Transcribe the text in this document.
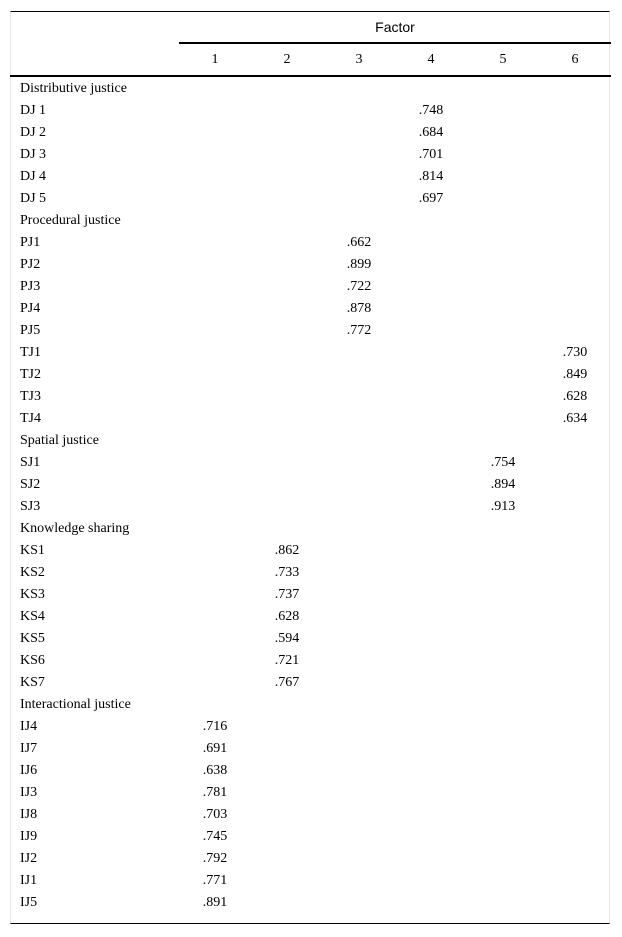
	Factor					
	1	2	3	4	5	6
Distributive justice						
DJ 1				.748		
DJ 2				.684		
DJ 3				.701		
DJ 4				.814		
DJ 5				.697		
Procedural justice						
PJ1			.662			
PJ2			.899			
PJ3			.722			
PJ4			.878			
PJ5			.772			
TJ1						.730
TJ2						.849
TJ3						.628
TJ4						.634
Spatial justice						
SJ1					.754	
SJ2					.894	
SJ3					.913	
Knowledge sharing						
KS1		.862				
KS2		.733				
KS3		.737				
KS4		.628				
KS5		.594				
KS6		.721				
KS7		.767				
Interactional justice						
IJ4	.716					
IJ7	.691					
IJ6	.638					
IJ3	.781					
IJ8	.703					
IJ9	.745					
IJ2	.792					
IJ1	.771					
IJ5	.891					
